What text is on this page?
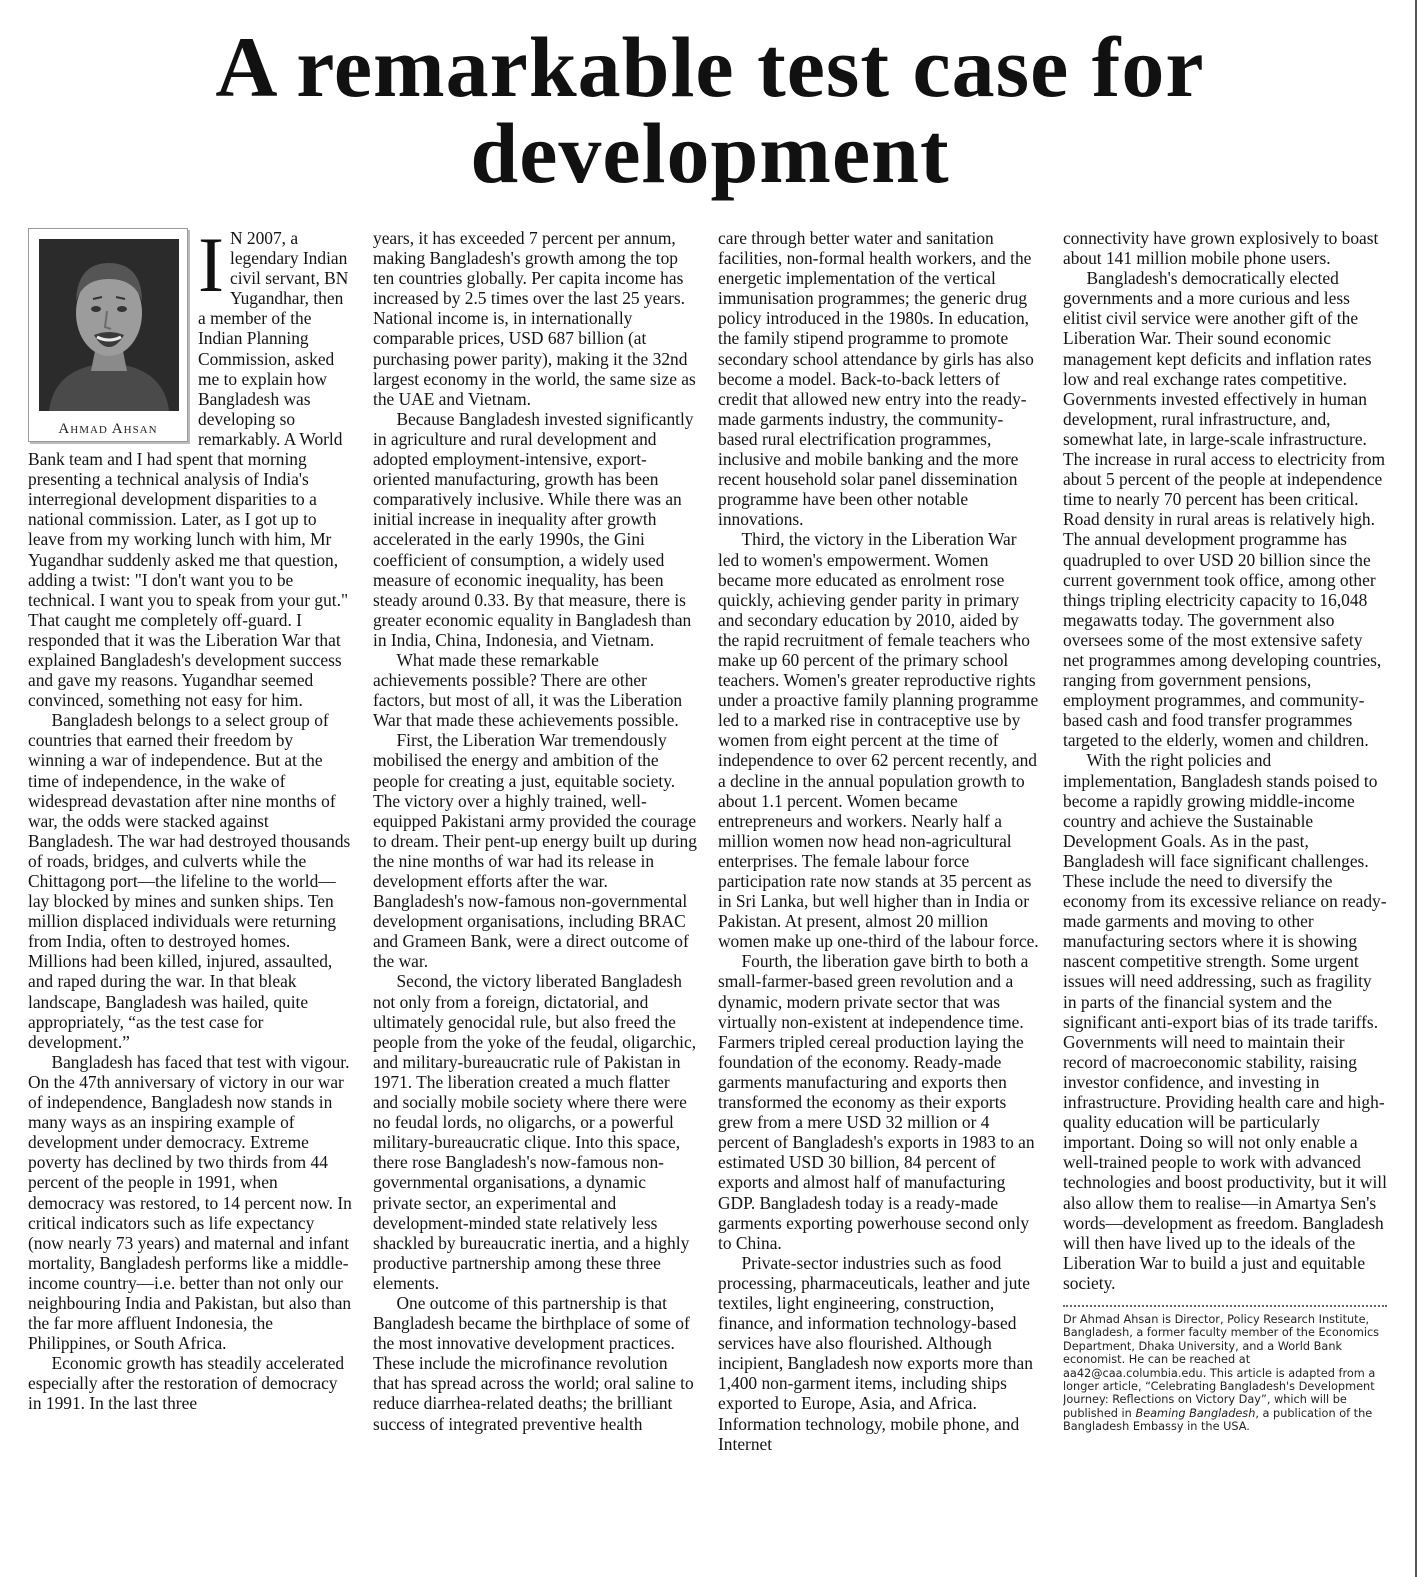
A remarkable test case for development
Ahmad Ahsan
I N 2007, a legendary Indian civil servant, BN Yugandhar, then a member of the Indian Planning Commission, asked me to explain how Bangladesh was developing so remarkably. A World Bank team and I had spent that morning presenting a technical analysis of India's interregional development disparities to a national commission. Later, as I got up to leave from my working lunch with him, Mr Yugandhar suddenly asked me that question, adding a twist: "I don't want you to be technical. I want you to speak from your gut." That caught me completely off-guard. I responded that it was the Liberation War that explained Bangladesh's development success and gave my reasons. Yugandhar seemed convinced, something not easy for him.

Bangladesh belongs to a select group of countries that earned their freedom by winning a war of independence. But at the time of independence, in the wake of widespread devastation after nine months of war, the odds were stacked against Bangladesh. The war had destroyed thousands of roads, bridges, and culverts while the Chittagong port—the lifeline to the world—lay blocked by mines and sunken ships. Ten million displaced individuals were returning from India, often to destroyed homes. Millions had been killed, injured, assaulted, and raped during the war. In that bleak landscape, Bangladesh was hailed, quite appropriately, “as the test case for development.”

Bangladesh has faced that test with vigour. On the 47th anniversary of victory in our war of independence, Bangladesh now stands in many ways as an inspiring example of development under democracy. Extreme poverty has declined by two thirds from 44 percent of the people in 1991, when democracy was restored, to 14 percent now. In critical indicators such as life expectancy (now nearly 73 years) and maternal and infant mortality, Bangladesh performs like a middle-income country—i.e. better than not only our neighbouring India and Pakistan, but also than the far more affluent Indonesia, the Philippines, or South Africa.

Economic growth has steadily accelerated especially after the restoration of democracy in 1991. In the last three

years, it has exceeded 7 percent per annum, making Bangladesh's growth among the top ten countries globally. Per capita income has increased by 2.5 times over the last 25 years. National income is, in internationally comparable prices, USD 687 billion (at purchasing power parity), making it the 32nd largest economy in the world, the same size as the UAE and Vietnam.

Because Bangladesh invested significantly in agriculture and rural development and adopted employment-intensive, export-oriented manufacturing, growth has been comparatively inclusive. While there was an initial increase in inequality after growth accelerated in the early 1990s, the Gini coefficient of consumption, a widely used measure of economic inequality, has been steady around 0.33. By that measure, there is greater economic equality in Bangladesh than in India, China, Indonesia, and Vietnam.

What made these remarkable achievements possible? There are other factors, but most of all, it was the Liberation War that made these achievements possible.

First, the Liberation War tremendously mobilised the energy and ambition of the people for creating a just, equitable society. The victory over a highly trained, well-equipped Pakistani army provided the courage to dream. Their pent-up energy built up during the nine months of war had its release in development efforts after the war. Bangladesh's now-famous non-governmental development organisations, including BRAC and Grameen Bank, were a direct outcome of the war.

Second, the victory liberated Bangladesh not only from a foreign, dictatorial, and ultimately genocidal rule, but also freed the people from the yoke of the feudal, oligarchic, and military-bureaucratic rule of Pakistan in 1971. The liberation created a much flatter and socially mobile society where there were no feudal lords, no oligarchs, or a powerful military-bureaucratic clique. Into this space, there rose Bangladesh's now-famous non-governmental organisations, a dynamic private sector, an experimental and development-minded state relatively less shackled by bureaucratic inertia, and a highly productive partnership among these three elements.

One outcome of this partnership is that Bangladesh became the birthplace of some of the most innovative development practices. These include the microfinance revolution that has spread across the world; oral saline to reduce diarrhea-related deaths; the brilliant success of integrated preventive health

care through better water and sanitation facilities, non-formal health workers, and the energetic implementation of the vertical immunisation programmes; the generic drug policy introduced in the 1980s. In education, the family stipend programme to promote secondary school attendance by girls has also become a model. Back-to-back letters of credit that allowed new entry into the ready-made garments industry, the community-based rural electrification programmes, inclusive and mobile banking and the more recent household solar panel dissemination programme have been other notable innovations.

Third, the victory in the Liberation War led to women's empowerment. Women became more educated as enrolment rose quickly, achieving gender parity in primary and secondary education by 2010, aided by the rapid recruitment of female teachers who make up 60 percent of the primary school teachers. Women's greater reproductive rights under a proactive family planning programme led to a marked rise in contraceptive use by women from eight percent at the time of independence to over 62 percent recently, and a decline in the annual population growth to about 1.1 percent. Women became entrepreneurs and workers. Nearly half a million women now head non-agricultural enterprises. The female labour force participation rate now stands at 35 percent as in Sri Lanka, but well higher than in India or Pakistan. At present, almost 20 million women make up one-third of the labour force.

Fourth, the liberation gave birth to both a small-farmer-based green revolution and a dynamic, modern private sector that was virtually non-existent at independence time. Farmers tripled cereal production laying the foundation of the economy. Ready-made garments manufacturing and exports then transformed the economy as their exports grew from a mere USD 32 million or 4 percent of Bangladesh's exports in 1983 to an estimated USD 30 billion, 84 percent of exports and almost half of manufacturing GDP. Bangladesh today is a ready-made garments exporting powerhouse second only to China.

Private-sector industries such as food processing, pharmaceuticals, leather and jute textiles, light engineering, construction, finance, and information technology-based services have also flourished. Although incipient, Bangladesh now exports more than 1,400 non-garment items, including ships exported to Europe, Asia, and Africa. Information technology, mobile phone, and Internet

connectivity have grown explosively to boast about 141 million mobile phone users.

Bangladesh's democratically elected governments and a more curious and less elitist civil service were another gift of the Liberation War. Their sound economic management kept deficits and inflation rates low and real exchange rates competitive. Governments invested effectively in human development, rural infrastructure, and, somewhat late, in large-scale infrastructure. The increase in rural access to electricity from about 5 percent of the people at independence time to nearly 70 percent has been critical. Road density in rural areas is relatively high. The annual development programme has quadrupled to over USD 20 billion since the current government took office, among other things tripling electricity capacity to 16,048 megawatts today. The government also oversees some of the most extensive safety net programmes among developing countries, ranging from government pensions, employment programmes, and community-based cash and food transfer programmes targeted to the elderly, women and children.

With the right policies and implementation, Bangladesh stands poised to become a rapidly growing middle-income country and achieve the Sustainable Development Goals. As in the past, Bangladesh will face significant challenges. These include the need to diversify the economy from its excessive reliance on ready-made garments and moving to other manufacturing sectors where it is showing nascent competitive strength. Some urgent issues will need addressing, such as fragility in parts of the financial system and the significant anti-export bias of its trade tariffs. Governments will need to maintain their record of macroeconomic stability, raising investor confidence, and investing in infrastructure. Providing health care and high-quality education will be particularly important. Doing so will not only enable a well-trained people to work with advanced technologies and boost productivity, but it will also allow them to realise—in Amartya Sen's words—development as freedom. Bangladesh will then have lived up to the ideals of the Liberation War to build a just and equitable society.

Dr Ahmad Ahsan is Director, Policy Research Institute, Bangladesh, a former faculty member of the Economics Department, Dhaka University, and a World Bank economist. He can be reached at aa42@caa.columbia.edu. This article is adapted from a longer article, “Celebrating Bangladesh's Development Journey: Reflections on Victory Day”, which will be published in Beaming Bangladesh, a publication of the Bangladesh Embassy in the USA.
